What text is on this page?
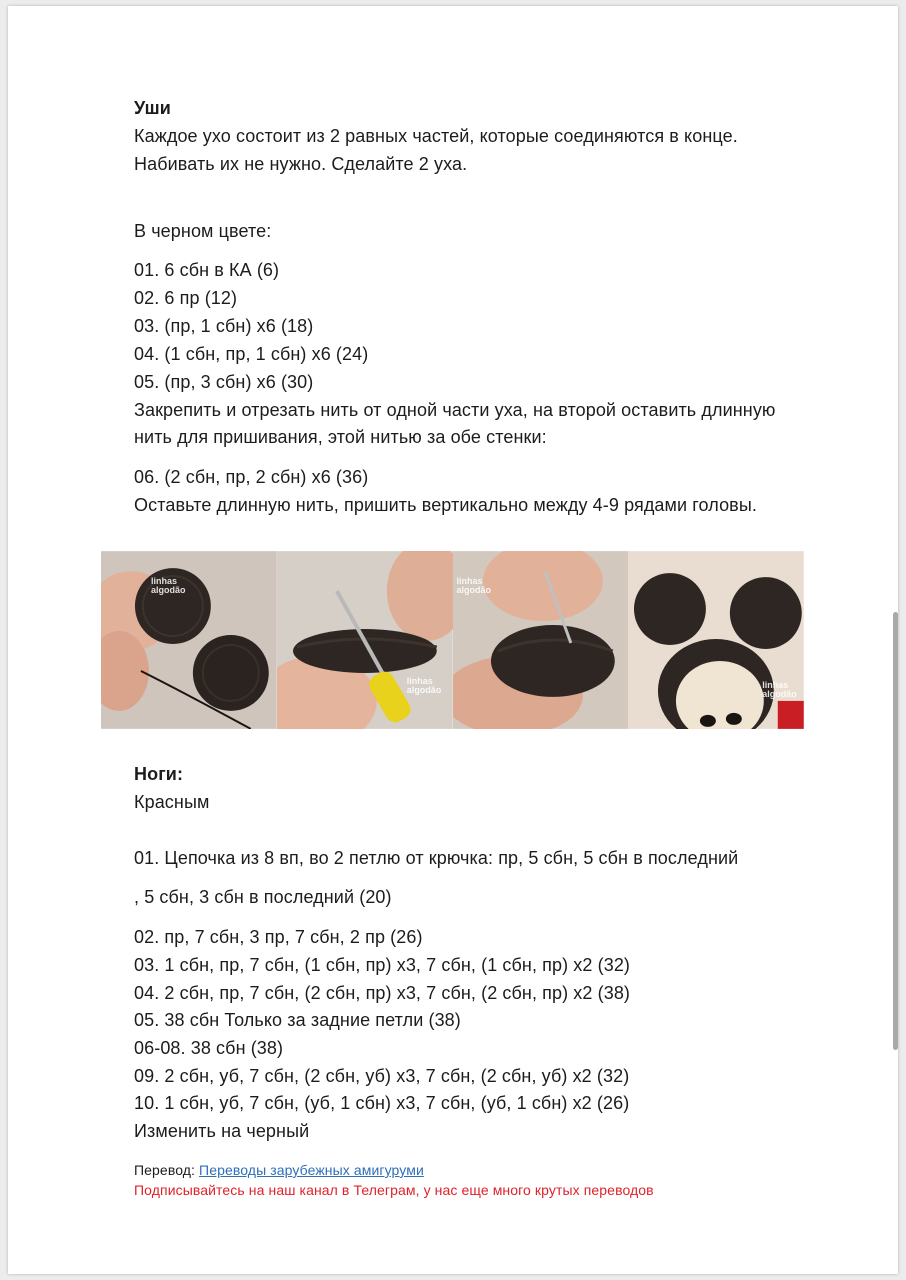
Уши

Каждое ухо состоит из 2 равных частей, которые соединяются в конце.

Набивать их не нужно. Сделайте 2 уха.

В черном цвете:

01. 6 сбн в КА (6)

02. 6 пр (12)

03. (пр, 1 сбн) х6 (18)

04. (1 сбн, пр, 1 сбн) х6 (24)

05. (пр, 3 сбн) х6 (30)

Закрепить и отрезать нить от одной части уха, на второй оставить длинную

нить для пришивания, этой нитью за обе стенки:

06. (2 сбн, пр, 2 сбн) х6 (36)

Оставьте длинную нить, пришить вертикально между 4-9 рядами головы.

linhas
algodão
linhas
algodão
linhas
algodão
linhas
algodão

Ноги:

Красным

01. Цепочка из 8 вп, во 2 петлю от крючка: пр, 5 сбн, 5 сбн в последний

, 5 сбн, 3 сбн в последний (20)

02. пр, 7 сбн, 3 пр, 7 сбн, 2 пр (26)

03. 1 сбн, пр, 7 сбн, (1 сбн, пр) х3, 7 сбн, (1 сбн, пр) х2 (32)

04. 2 сбн, пр, 7 сбн, (2 сбн, пр) х3, 7 сбн, (2 сбн, пр) х2 (38)

05. 38 сбн Только за задние петли (38)

06-08. 38 сбн (38)

09. 2 сбн, уб, 7 сбн, (2 сбн, уб) х3, 7 сбн, (2 сбн, уб) х2 (32)

10. 1 сбн, уб, 7 сбн, (уб, 1 сбн) х3, 7 сбн, (уб, 1 сбн) х2 (26)

Изменить на черный

Перевод: Переводы зарубежных амигуруми

Подписывайтесь на наш канал в Телеграм, у нас еще много крутых переводов
